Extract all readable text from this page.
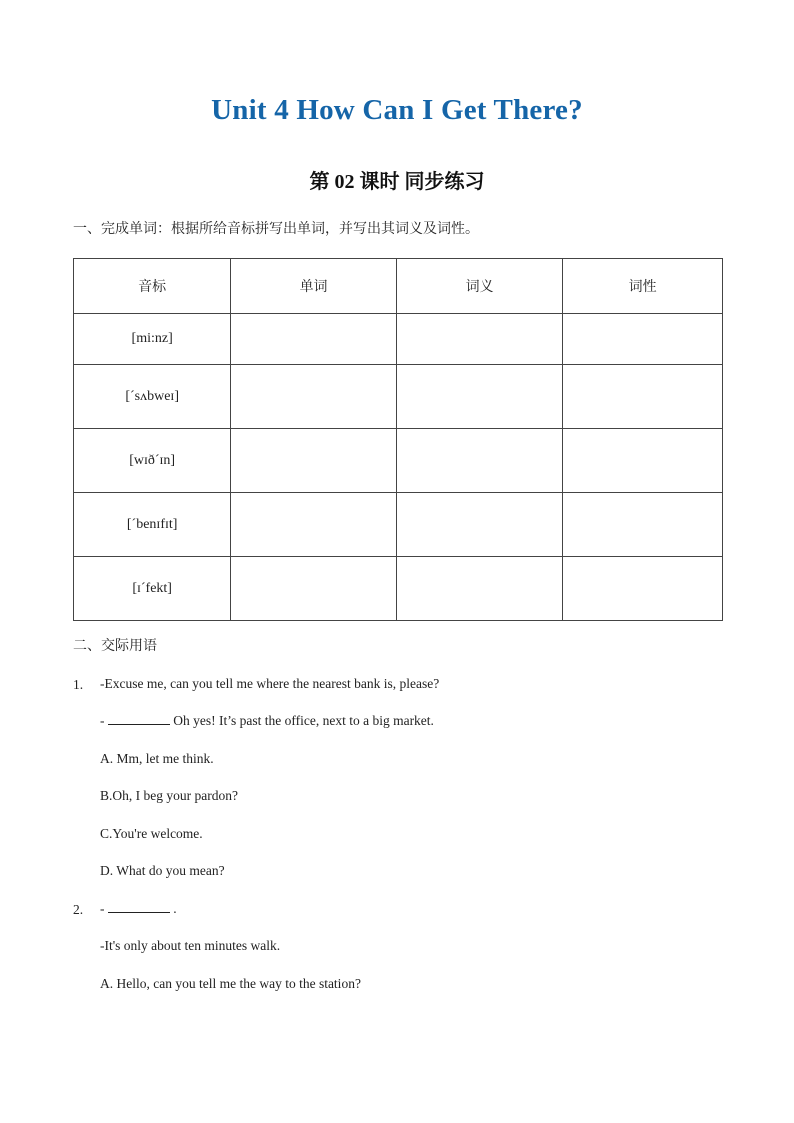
Unit 4 How Can I Get There?
第 02 课时 同步练习
一、完成单词：根据所给音标拼写出单词，并写出其词义及词性。
音标	单词	词义	词性
[mi:nz]			
[ˊsʌbweɪ]			
[wɪðˊɪn]			
[ˊbenɪfɪt]			
[ɪˊfekt]			
二、交际用语
1. -Excuse me, can you tell me where the nearest bank is, please?
-	Oh yes! It’s past the office, next to a big market.
A. Mm, let me think.
B.Oh, I beg your pardon?
C.You're welcome.
D. What do you mean?
2. -	.
-It's only about ten minutes walk.
A. Hello, can you tell me the way to the station?
